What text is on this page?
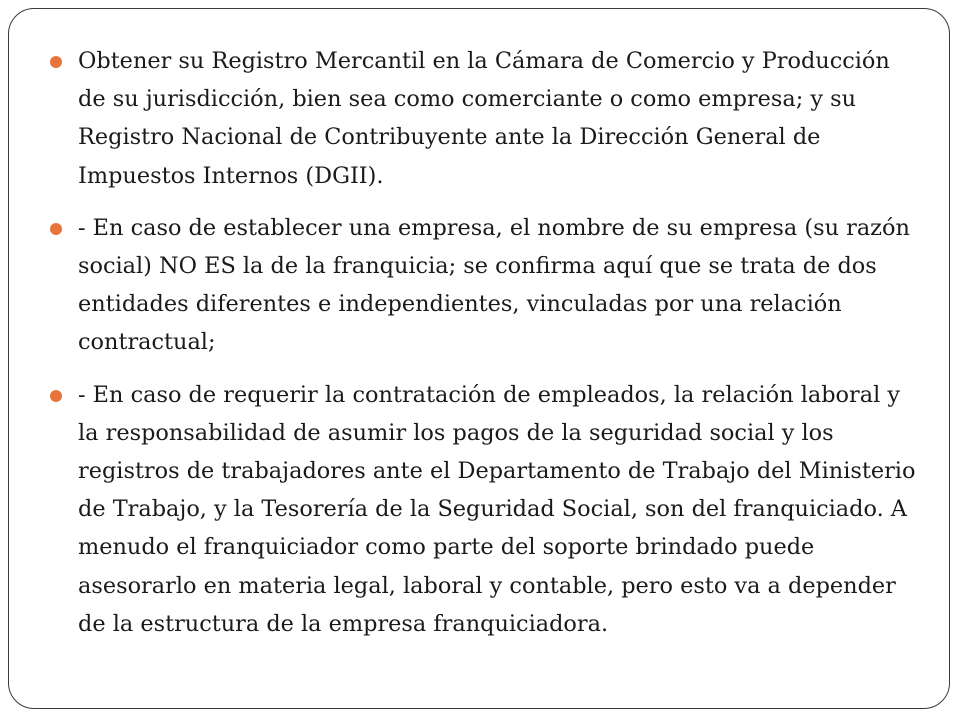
Obtener su Registro Mercantil en la Cámara de Comercio y Producción de su jurisdicción, bien sea como comerciante o como empresa; y su Registro Nacional de Contribuyente ante la Dirección General de Impuestos Internos (DGII).
- En caso de establecer una empresa, el nombre de su empresa (su razón social) NO ES la de la franquicia; se confirma aquí que se trata de dos entidades diferentes e independientes, vinculadas por una relación contractual;
- En caso de requerir la contratación de empleados, la relación laboral y la responsabilidad de asumir los pagos de la seguridad social y los registros de trabajadores ante el Departamento de Trabajo del Ministerio de Trabajo, y la Tesorería de la Seguridad Social, son del franquiciado. A menudo el franquiciador como parte del soporte brindado puede asesorarlo en materia legal, laboral y contable, pero esto va a depender de la estructura de la empresa franquiciadora.
